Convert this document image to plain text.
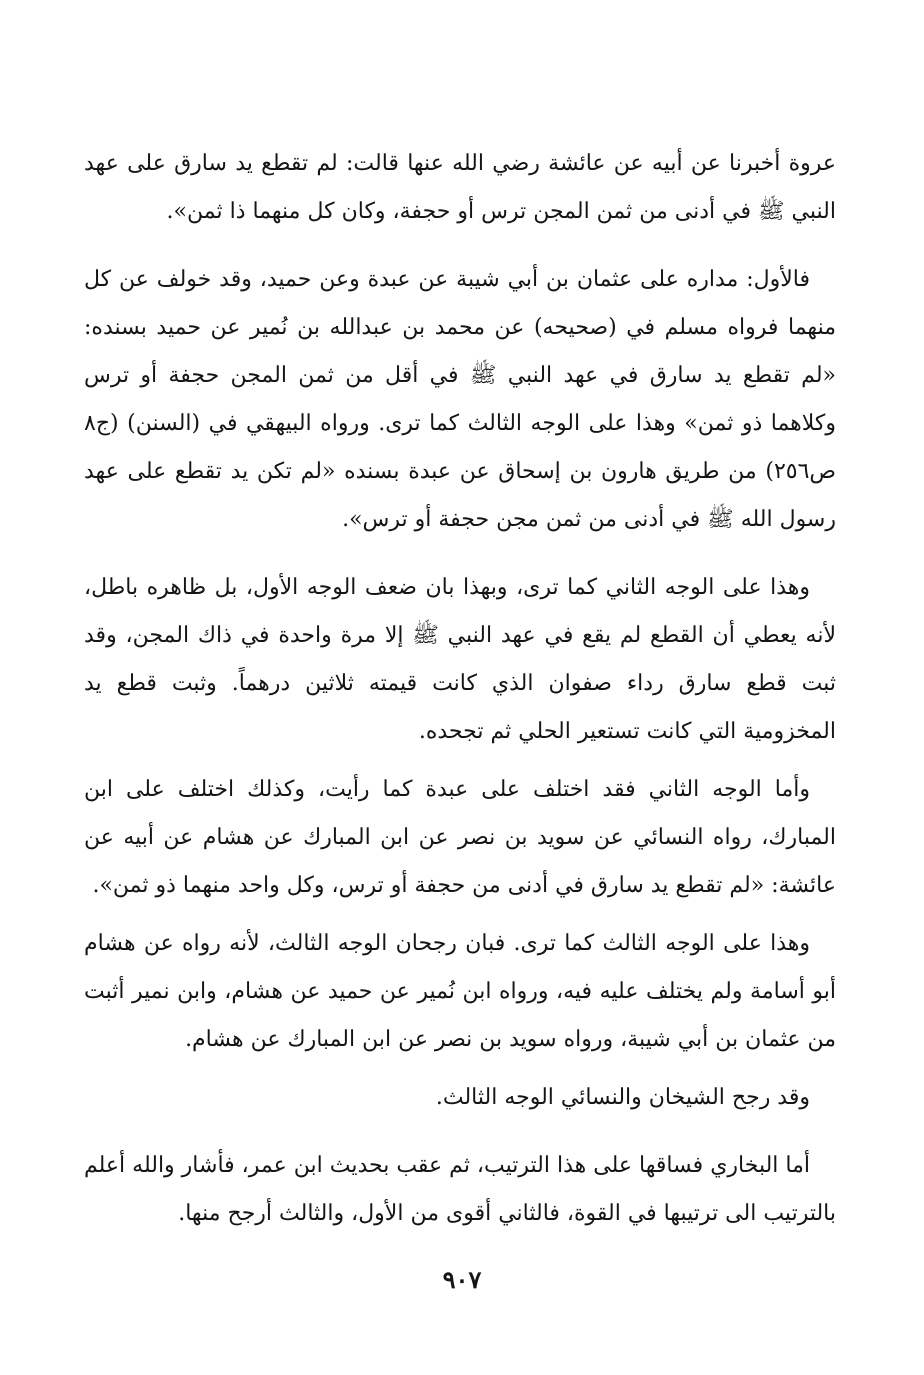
عروة أخبرنا عن أبيه عن عائشة رضي الله عنها قالت: لم تقطع يد سارق على عهد النبي ﷺ في أدنى من ثمن المجن ترس أو حجفة، وكان كل منهما ذا ثمن».

فالأول: مداره على عثمان بن أبي شيبة عن عبدة وعن حميد، وقد خولف عن كل منهما فرواه مسلم في (صحيحه) عن محمد بن عبدالله بن نُمير عن حميد بسنده: «لم تقطع يد سارق في عهد النبي ﷺ في أقل من ثمن المجن حجفة أو ترس وكلاهما ذو ثمن» وهذا على الوجه الثالث كما ترى. ورواه البيهقي في (السنن) (ج٨ ص٢٥٦) من طريق هارون بن إسحاق عن عبدة بسنده «لم تكن يد تقطع على عهد رسول الله ﷺ في أدنى من ثمن مجن حجفة أو ترس».

وهذا على الوجه الثاني كما ترى، وبهذا بان ضعف الوجه الأول، بل ظاهره باطل، لأنه يعطي أن القطع لم يقع في عهد النبي ﷺ إلا مرة واحدة في ذاك المجن، وقد ثبت قطع سارق رداء صفوان الذي كانت قيمته ثلاثين درهماً. وثبت قطع يد المخزومية التي كانت تستعير الحلي ثم تجحده.

وأما الوجه الثاني فقد اختلف على عبدة كما رأيت، وكذلك اختلف على ابن المبارك، رواه النسائي عن سويد بن نصر عن ابن المبارك عن هشام عن أبيه عن عائشة: «لم تقطع يد سارق في أدنى من حجفة أو ترس، وكل واحد منهما ذو ثمن».

وهذا على الوجه الثالث كما ترى. فبان رجحان الوجه الثالث، لأنه رواه عن هشام أبو أسامة ولم يختلف عليه فيه، ورواه ابن نُمير عن حميد عن هشام، وابن نمير أثبت من عثمان بن أبي شيبة، ورواه سويد بن نصر عن ابن المبارك عن هشام.

وقد رجح الشيخان والنسائي الوجه الثالث.

أما البخاري فساقها على هذا الترتيب، ثم عقب بحديث ابن عمر، فأشار والله أعلم بالترتيب الى ترتيبها في القوة، فالثاني أقوى من الأول، والثالث أرجح منها.

٩٠٧
